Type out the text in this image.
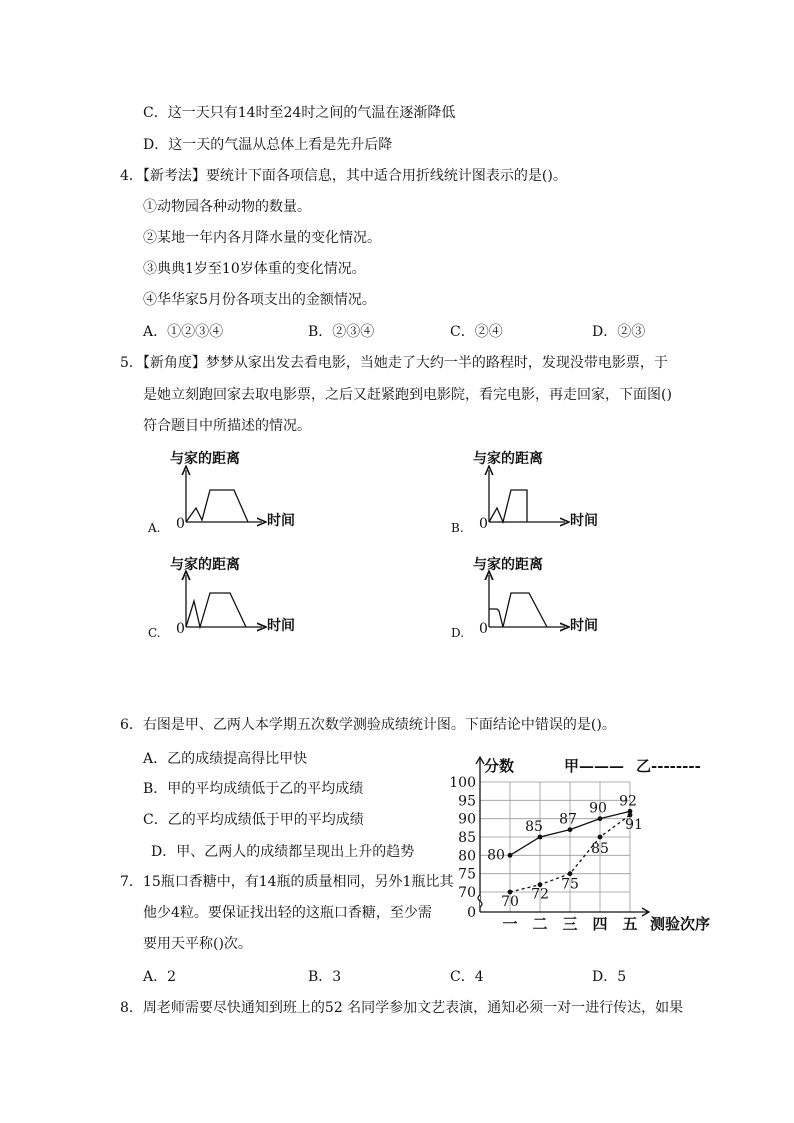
C．这一天只有14时至24时之间的气温在逐渐降低
D．这一天的气温从总体上看是先升后降
4．【新考法】要统计下面各项信息，其中适合用折线统计图表示的是()。
①动物园各种动物的数量。
②某地一年内各月降水量的变化情况。
③典典1岁至10岁体重的变化情况。
④华华家5月份各项支出的金额情况。
A．①②③④	B．②③④	C．②④	D．②③
5．【新角度】梦梦从家出发去看电影，当她走了大约一半的路程时，发现没带电影票，于
是她立刻跑回家去取电影票，之后又赶紧跑到电影院，看完电影，再走回家，下面图()
符合题目中所描述的情况。
与家的距离
时间
0
A.
与家的距离
时间
0
B.
与家的距离
时间
0
C.
与家的距离
时间
0
D.
6．右图是甲、乙两人本学期五次数学测验成绩统计图。下面结论中错误的是()。
A．乙的成绩提高得比甲快
B．甲的平均成绩低于乙的平均成绩
C．乙的平均成绩低于甲的平均成绩
D．甲、乙两人的成绩都呈现出上升的趋势
0
70
75
80
85
90
95
100
一 二 三 四 五
分数
测验次序
甲——— 乙--------
80
85 87
90 92
70 72
75
85
91
7．15瓶口香糖中，有14瓶的质量相同，另外1瓶比其
他少4粒。要保证找出轻的这瓶口香糖，至少需
要用天平称()次。
A．2	B．3	C．4	D．5
8．周老师需要尽快通知到班上的52 名同学参加文艺表演，通知必须一对一进行传达，如果
